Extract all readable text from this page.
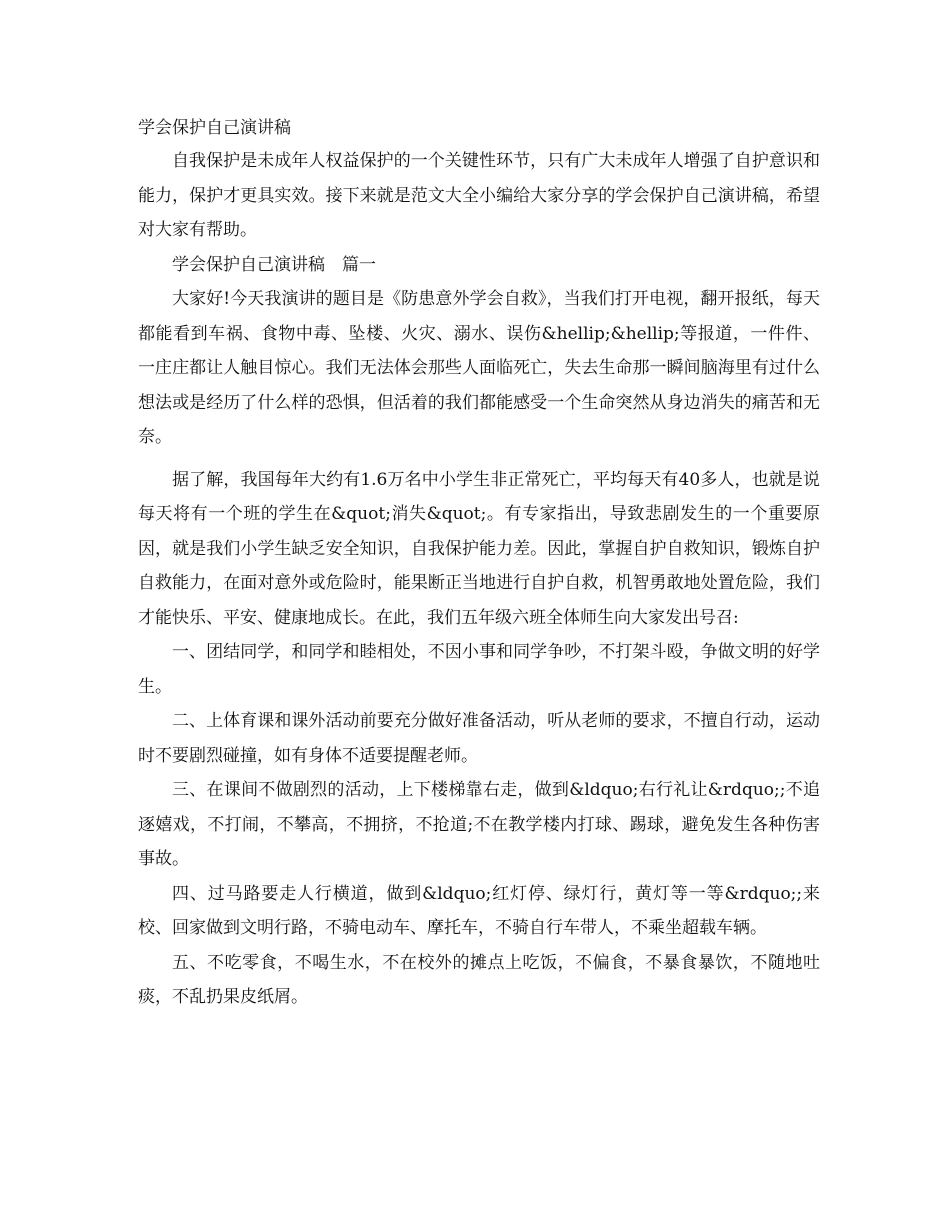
学会保护自己演讲稿

自我保护是未成年人权益保护的一个关键性环节，只有广大未成年人增强了自护意识和能力，保护才更具实效。接下来就是范文大全小编给大家分享的学会保护自己演讲稿，希望对大家有帮助。

学会保护自己演讲稿　篇一

大家好!今天我演讲的题目是《防患意外学会自救》，当我们打开电视，翻开报纸，每天都能看到车祸、食物中毒、坠楼、火灾、溺水、误伤&hellip;&hellip;等报道，一件件、一庄庄都让人触目惊心。我们无法体会那些人面临死亡，失去生命那一瞬间脑海里有过什么想法或是经历了什么样的恐惧，但活着的我们都能感受一个生命突然从身边消失的痛苦和无奈。

据了解，我国每年大约有1.6万名中小学生非正常死亡，平均每天有40多人，也就是说每天将有一个班的学生在&quot;消失&quot;。有专家指出，导致悲剧发生的一个重要原因，就是我们小学生缺乏安全知识，自我保护能力差。因此，掌握自护自救知识，锻炼自护自救能力，在面对意外或危险时，能果断正当地进行自护自救，机智勇敢地处置危险，我们才能快乐、平安、健康地成长。在此，我们五年级六班全体师生向大家发出号召:

一、团结同学，和同学和睦相处，不因小事和同学争吵，不打架斗殴，争做文明的好学生。

二、上体育课和课外活动前要充分做好准备活动，听从老师的要求，不擅自行动，运动时不要剧烈碰撞，如有身体不适要提醒老师。

三、在课间不做剧烈的活动，上下楼梯靠右走，做到&ldquo;右行礼让&rdquo;;不追逐嬉戏，不打闹，不攀高，不拥挤，不抢道;不在教学楼内打球、踢球，避免发生各种伤害事故。

四、过马路要走人行横道，做到&ldquo;红灯停、绿灯行，黄灯等一等&rdquo;;来校、回家做到文明行路，不骑电动车、摩托车，不骑自行车带人，不乘坐超载车辆。

五、不吃零食，不喝生水，不在校外的摊点上吃饭，不偏食，不暴食暴饮，不随地吐痰，不乱扔果皮纸屑。
